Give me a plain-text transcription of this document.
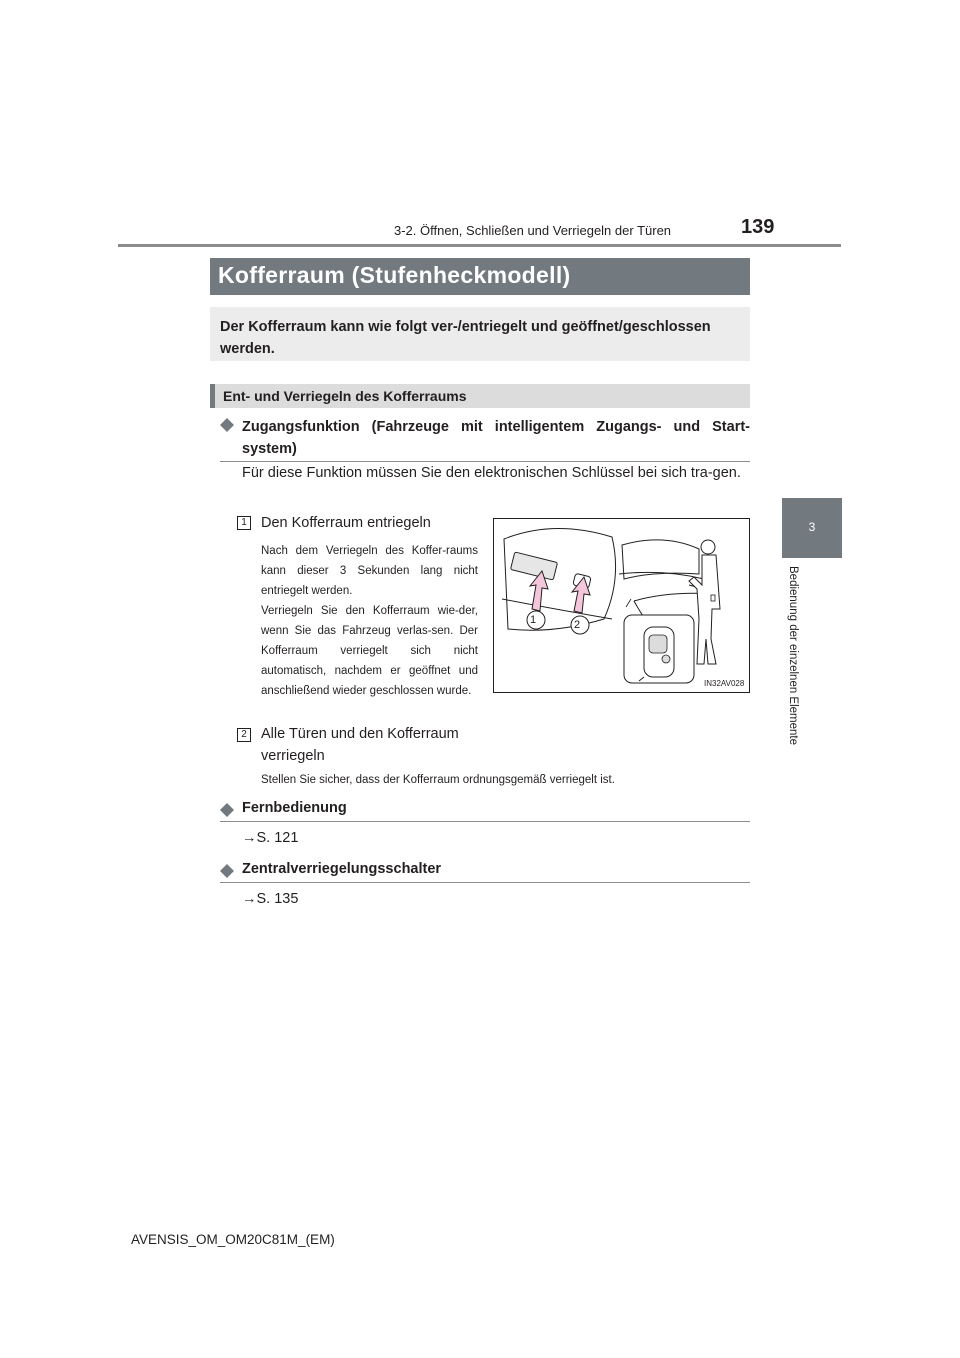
3-2. Öffnen, Schließen und Verriegeln der Türen	139
3
Bedienung der einzelnen Elemente
Kofferraum (Stufenheckmodell)
Der Kofferraum kann wie folgt ver-/entriegelt und geöffnet/geschlossen werden.
Ent- und Verriegeln des Kofferraums
Zugangsfunktion (Fahrzeuge mit intelligentem Zugangs- und Start-system)
Für diese Funktion müssen Sie den elektronischen Schlüssel bei sich tra-gen.
1 Den Kofferraum entriegeln
Nach dem Verriegeln des Koffer-raums kann dieser 3 Sekunden lang nicht entriegelt werden.
Verriegeln Sie den Kofferraum wie-der, wenn Sie das Fahrzeug verlas-sen. Der Kofferraum verriegelt sich nicht automatisch, nachdem er geöffnet und anschließend wieder geschlossen wurde.
2 Alle Türen und den Kofferraum verriegeln
Stellen Sie sicher, dass der Kofferraum ordnungsgemäß verriegelt ist.
1	2
IN32AV028
Fernbedienung
→S. 121
Zentralverriegelungsschalter
→S. 135
AVENSIS_OM_OM20C81M_(EM)
